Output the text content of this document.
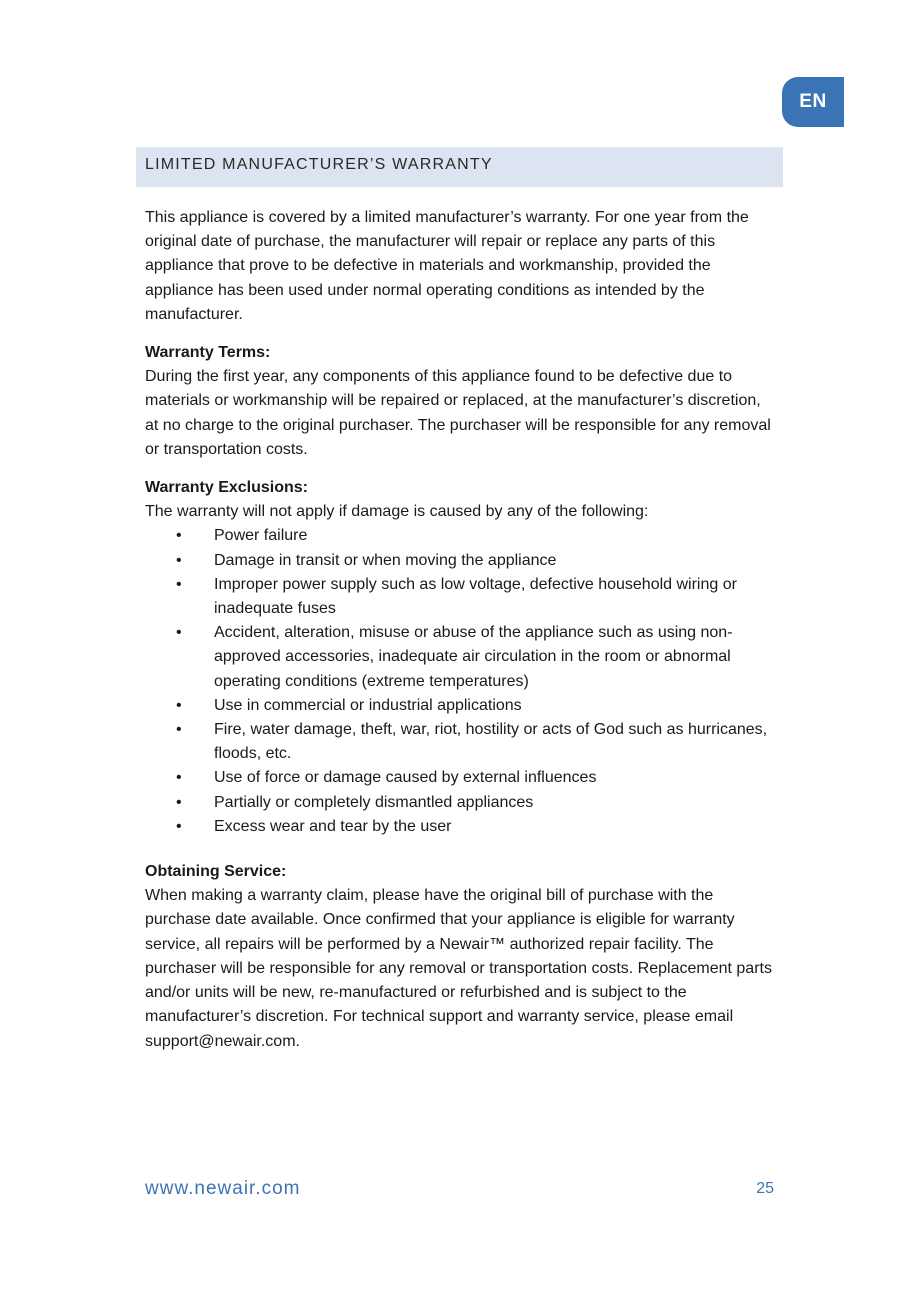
EN
LIMITED MANUFACTURER’S WARRANTY

This appliance is covered by a limited manufacturer’s warranty. For one year from the original date of purchase, the manufacturer will repair or replace any parts of this appliance that prove to be defective in materials and workmanship, provided the appliance has been used under normal operating conditions as intended by the manufacturer.

Warranty Terms:

During the first year, any components of this appliance found to be defective due to materials or workmanship will be repaired or replaced, at the manufacturer’s discretion, at no charge to the original purchaser. The purchaser will be responsible for any removal or transportation costs.

Warranty Exclusions:

The warranty will not apply if damage is caused by any of the following:

• Power failure
• Damage in transit or when moving the appliance
• Improper power supply such as low voltage, defective household wiring or inadequate fuses
• Accident, alteration, misuse or abuse of the appliance such as using non-approved accessories, inadequate air circulation in the room or abnormal operating conditions (extreme temperatures)
• Use in commercial or industrial applications
• Fire, water damage, theft, war, riot, hostility or acts of God such as hurricanes, floods, etc.
• Use of force or damage caused by external influences
• Partially or completely dismantled appliances
• Excess wear and tear by the user

Obtaining Service:

When making a warranty claim, please have the original bill of purchase with the purchase date available. Once confirmed that your appliance is eligible for warranty service, all repairs will be performed by a Newair™ authorized repair facility. The purchaser will be responsible for any removal or transportation costs. Replacement parts and/or units will be new, re-manufactured or refurbished and is subject to the manufacturer’s discretion. For technical support and warranty service, please email support@newair.com.

www.newair.com	25
